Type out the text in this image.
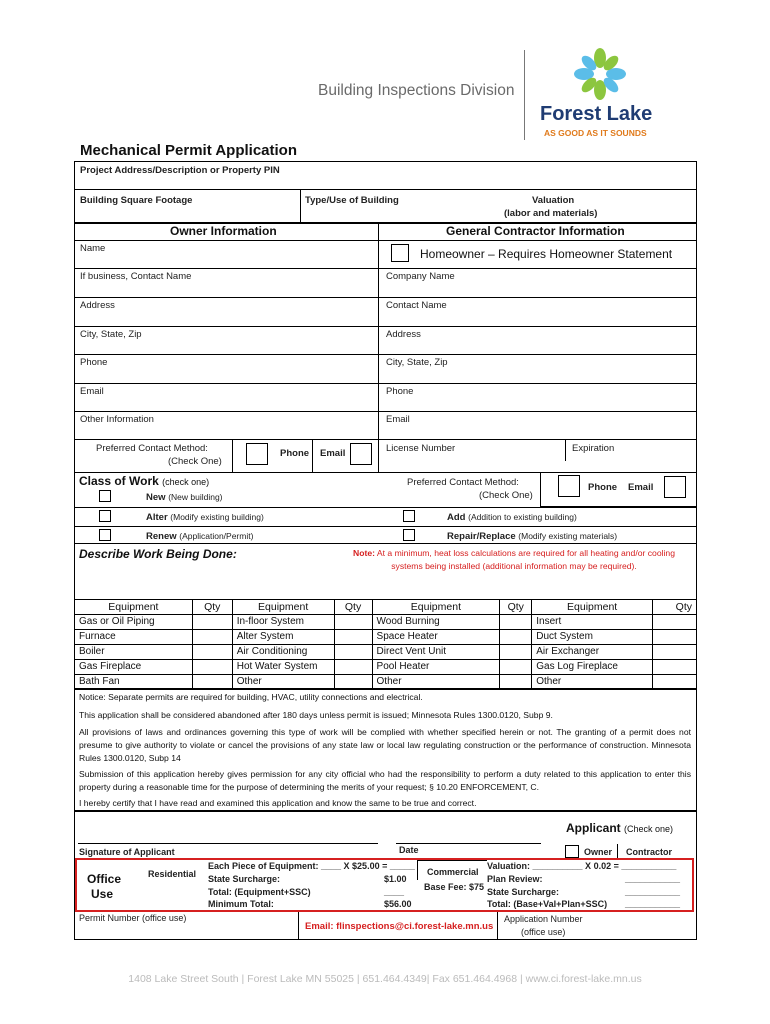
Building Inspections Division
Forest Lake
AS GOOD AS IT SOUNDS
Mechanical Permit Application
Project Address/Description or Property PIN
Building Square Footage	Type/Use of Building	Valuation
(labor and materials)
Owner Information	General Contractor Information
Name
If business, Contact Name
Address
City, State, Zip
Phone
Email
Other Information
Preferred Contact Method:
(Check One)
Phone Email
Homeowner – Requires Homeowner Statement
Company Name
Contact Name
Address
City, State, Zip
Phone
Email
License Number	Expiration
Class of Work (check one)	Preferred Contact Method:
(Check One)
Phone Email
New (New building)
Alter (Modify existing building)	Add (Addition to existing building)
Renew (Application/Permit)	Repair/Replace (Modify existing materials)
Describe Work Being Done:	Note: At a minimum, heat loss calculations are required for all heating and/or cooling
systems being installed (additional information may be required).
Equipment	Qty	Equipment	Qty	Equipment	Qty	Equipment	Qty
Gas or Oil Piping		In-floor System		Wood Burning		Insert	
Furnace		Alter System		Space Heater		Duct System	
Boiler		Air Conditioning		Direct Vent Unit		Air Exchanger	
Gas Fireplace		Hot Water System		Pool Heater		Gas Log Fireplace	
Bath Fan		Other		Other		Other	
Notice: Separate permits are required for building, HVAC, utility connections and electrical.
This application shall be considered abandoned after 180 days unless permit is issued; Minnesota Rules 1300.0120, Subp 9.
All provisions of laws and ordinances governing this type of work will be complied with whether specified herein or not. The granting of a permit does not presume to give authority to violate or cancel the provisions of any state law or local law regulating construction or the performance of construction. Minnesota Rules 1300.0120, Subp 14
Submission of this application hereby gives permission for any city official who had the responsibility to perform a duty related to this application to enter this property during a reasonable time for the purpose of determining the merits of your request; § 10.20 ENFORCEMENT, C.
I hereby certify that I have read and examined this application and know the same to be true and correct.
Applicant (Check one)
Signature of Applicant	Date	Owner Contractor
Office
Use
Residential
Each Piece of Equipment: ____ X $25.00 = _____
State Surcharge:	$1.00
Total: (Equipment+SSC)	____
Minimum Total:	$56.00
Commercial
Base Fee: $75
Valuation: __________ X 0.02 = ___________
Plan Review:	___________
State Surcharge:	___________
Total: (Base+Val+Plan+SSC) ___________
Permit Number (office use)
Email: flinspections@ci.forest-lake.mn.us
Application Number
(office use)
1408 Lake Street South | Forest Lake MN 55025 | 651.464.4349| Fax 651.464.4968 | www.ci.forest-lake.mn.us
